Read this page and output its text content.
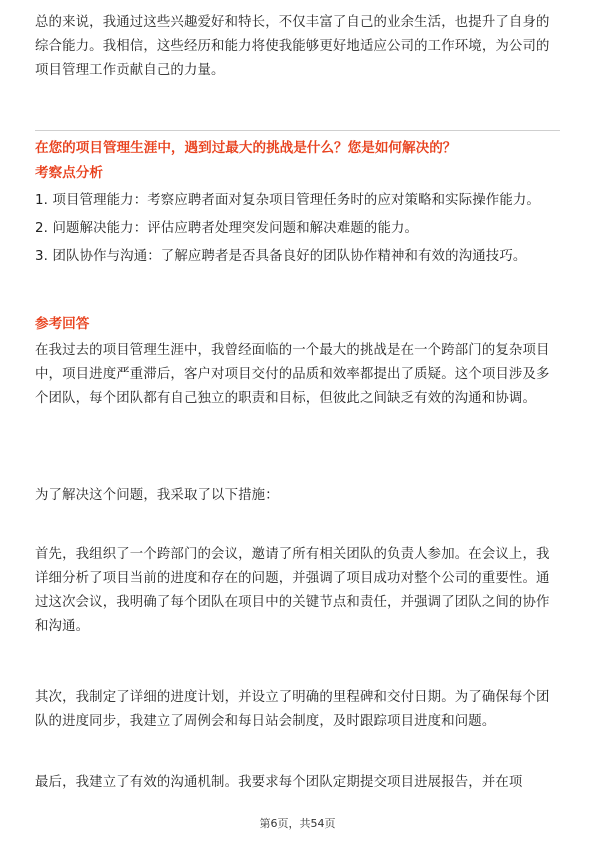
总的来说，我通过这些兴趣爱好和特长，不仅丰富了自己的业余生活，也提升了自身的综合能力。我相信，这些经历和能力将使我能够更好地适应公司的工作环境，为公司的项目管理工作贡献自己的力量。

在您的项目管理生涯中，遇到过最大的挑战是什么？您是如何解决的？
考察点分析

1. 项目管理能力：考察应聘者面对复杂项目管理任务时的应对策略和实际操作能力。

2. 问题解决能力：评估应聘者处理突发问题和解决难题的能力。

3. 团队协作与沟通：了解应聘者是否具备良好的团队协作精神和有效的沟通技巧。

参考回答

在我过去的项目管理生涯中，我曾经面临的一个最大的挑战是在一个跨部门的复杂项目中，项目进度严重滞后，客户对项目交付的品质和效率都提出了质疑。这个项目涉及多个团队，每个团队都有自己独立的职责和目标，但彼此之间缺乏有效的沟通和协调。

为了解决这个问题，我采取了以下措施：

首先，我组织了一个跨部门的会议，邀请了所有相关团队的负责人参加。在会议上，我详细分析了项目当前的进度和存在的问题，并强调了项目成功对整个公司的重要性。通过这次会议，我明确了每个团队在项目中的关键节点和责任，并强调了团队之间的协作和沟通。

其次，我制定了详细的进度计划，并设立了明确的里程碑和交付日期。为了确保每个团队的进度同步，我建立了周例会和每日站会制度，及时跟踪项目进度和问题。

最后，我建立了有效的沟通机制。我要求每个团队定期提交项目进展报告，并在项

第6页，共54页
